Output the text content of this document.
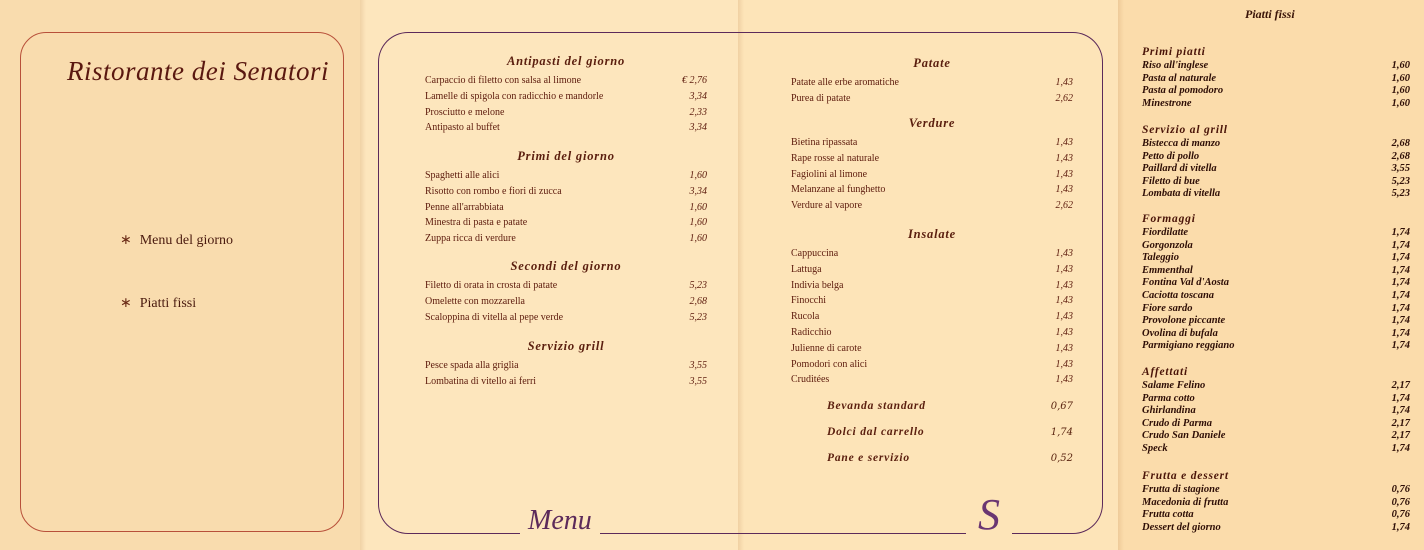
Ristorante dei Senatori
∗ Menu del giorno
∗ Piatti fissi
Menu
Antipasti del giorno
Carpaccio di filetto con salsa al limone	€ 2,76
Lamelle di spigola con radicchio e mandorle	3,34
Prosciutto e melone	2,33
Antipasto al buffet	3,34
Primi del giorno
Spaghetti alle alici	1,60
Risotto con rombo e fiori di zucca	3,34
Penne all'arrabbiata	1,60
Minestra di pasta e patate	1,60
Zuppa ricca di verdure	1,60
Secondi del giorno
Filetto di orata in crosta di patate	5,23
Omelette con mozzarella	2,68
Scaloppina di vitella al pepe verde	5,23
Servizio grill
Pesce spada alla griglia	3,55
Lombatina di vitello ai ferri	3,55
S
Patate
Patate alle erbe aromatiche	1,43
Purea di patate	2,62
Verdure
Bietina ripassata	1,43
Rape rosse al naturale	1,43
Fagiolini al limone	1,43
Melanzane al funghetto	1,43
Verdure al vapore	2,62
Insalate
Cappuccina	1,43
Lattuga	1,43
Indivia belga	1,43
Finocchi	1,43
Rucola	1,43
Radicchio	1,43
Julienne di carote	1,43
Pomodori con alici	1,43
Cruditées	1,43
Bevanda standard	0,67
Dolci dal carrello	1,74
Pane e servizio	0,52
Piatti fissi
Primi piatti
Riso all'inglese	1,60
Pasta al naturale	1,60
Pasta al pomodoro	1,60
Minestrone	1,60
Servizio al grill
Bistecca di manzo	2,68
Petto di pollo	2,68
Paillard di vitella	3,55
Filetto di bue	5,23
Lombata di vitella	5,23
Formaggi
Fiordilatte	1,74
Gorgonzola	1,74
Taleggio	1,74
Emmenthal	1,74
Fontina Val d'Aosta	1,74
Caciotta toscana	1,74
Fiore sardo	1,74
Provolone piccante	1,74
Ovolina di bufala	1,74
Parmigiano reggiano	1,74
Affettati
Salame Felino	2,17
Parma cotto	1,74
Ghirlandina	1,74
Crudo di Parma	2,17
Crudo San Daniele	2,17
Speck	1,74
Frutta e dessert
Frutta di stagione	0,76
Macedonia di frutta	0,76
Frutta cotta	0,76
Dessert del giorno	1,74
